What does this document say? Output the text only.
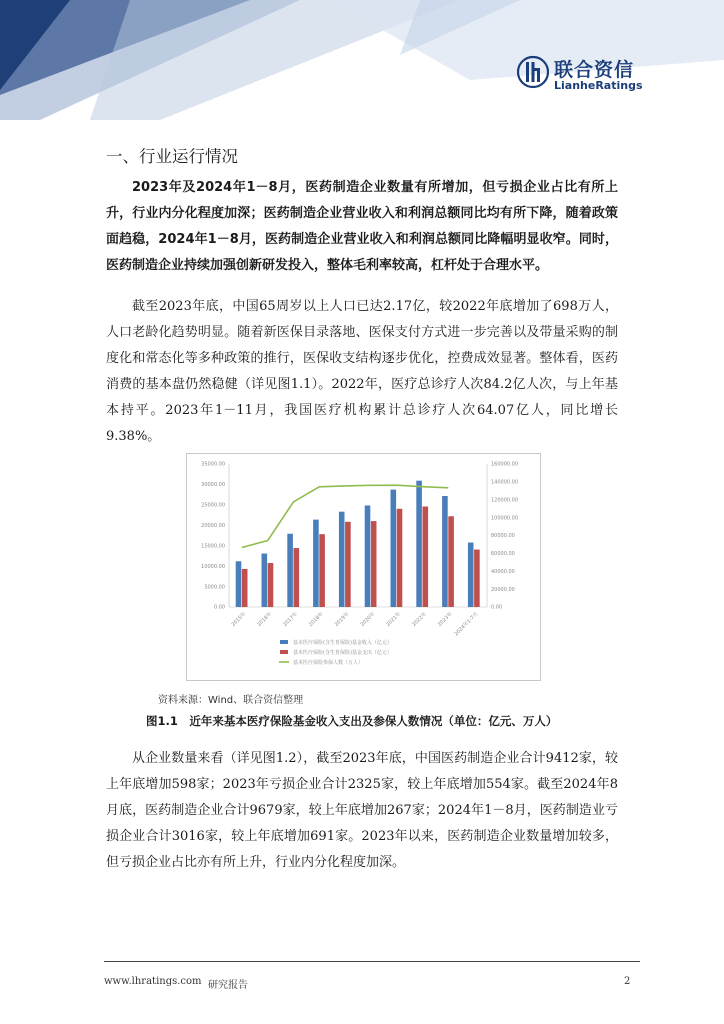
联合资信
LianheRatings
一、行业运行情况

2023年及2024年1－8月，医药制造企业数量有所增加，但亏损企业占比有所上升，行业内分化程度加深；医药制造企业营业收入和利润总额同比均有所下降，随着政策面趋稳，2024年1－8月，医药制造企业营业收入和利润总额同比降幅明显收窄。同时，医药制造企业持续加强创新研发投入，整体毛利率较高，杠杆处于合理水平。

截至2023年底，中国65周岁以上人口已达2.17亿，较2022年底增加了698万人，人口老龄化趋势明显。随着新医保目录落地、医保支付方式进一步完善以及带量采购的制度化和常态化等多种政策的推行，医保收支结构逐步优化，控费成效显著。整体看，医药消费的基本盘仍然稳健（详见图1.1）。2022年，医疗总诊疗人次84.2亿人次，与上年基本持平。2023年1－11月，我国医疗机构累计总诊疗人次64.07亿人，同比增长9.38%。

0.00
5000.00
10000.00
15000.00
20000.00
25000.00
30000.00
35000.00
0.00
20000.00
40000.00
60000.00
80000.00
100000.00
120000.00
140000.00
160000.00
2015年 2016年 2017年 2018年 2019年 2020年 2021年 2022年 2023年 2024年1-7月
基本医疗保险(含生育保险)基金收入（亿元）
基本医疗保险(含生育保险)基金支出（亿元）
基本医疗保险参保人数（万人）
资料来源：Wind、联合资信整理
图1.1　近年来基本医疗保险基金收入支出及参保人数情况（单位：亿元、万人）

从企业数量来看（详见图1.2），截至2023年底，中国医药制造企业合计9412家，较上年底增加598家；2023年亏损企业合计2325家，较上年底增加554家。截至2024年8月底，医药制造企业合计9679家，较上年底增加267家；2024年1－8月，医药制造业亏损企业合计3016家，较上年底增加691家。2023年以来，医药制造企业数量增加较多，但亏损企业占比亦有所上升，行业内分化程度加深。

www.lhratings.com 研究报告	2
